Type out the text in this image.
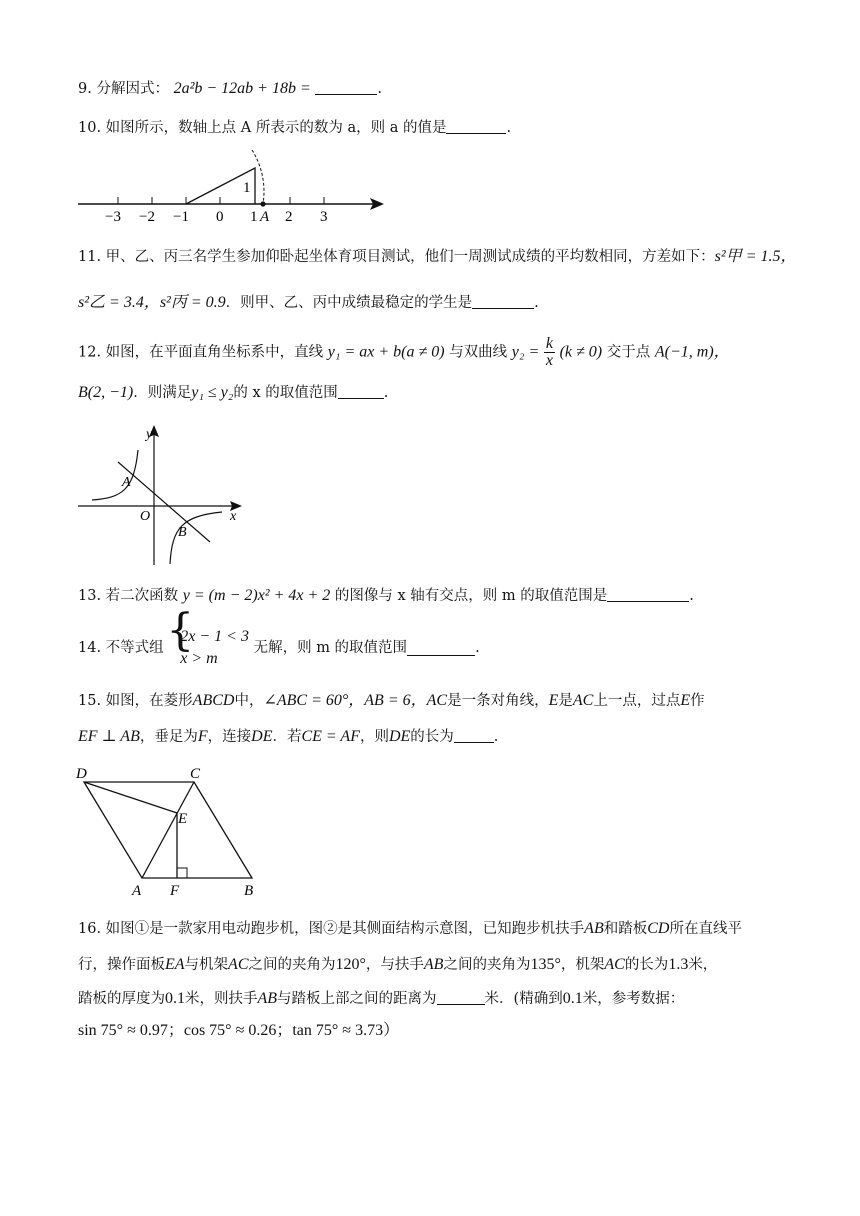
9. 分解因式： 2a²b − 12ab + 18b =	.
10. 如图所示，数轴上点 A 所表示的数为 a，则 a 的值是	.
1
−3 −2 −1 0 1 2 3
A
11. 甲、乙、丙三名学生参加仰卧起坐体育项目测试，他们一周测试成绩的平均数相同，方差如下：s²甲 = 1.5，
s²乙 = 3.4，s²丙 = 0.9．则甲、乙、丙中成绩最稳定的学生是	.
12. 如图，在平面直角坐标系中，直线 y₁ = ax + b(a ≠ 0) 与双曲线 $y_2 = \frac{k}{x} (k \ne 0)$ 交于点 A(−1, m)，
B(2, −1)．则满足y₁ ≤ y₂的 x 的取值范围	.
y
x
O
A
B
13. 若二次函数 y = (m − 2)x² + 4x + 2 的图像与 x 轴有交点，则 m 的取值范围是	.
14. 不等式组
{ 2x − 1 < 3
x > m
无解，则 m 的取值范围	.
15. 如图，在菱形ABCD中，∠ABC = 60°，AB = 6，AC是一条对角线，E是AC上一点，过点E作
EF ⊥ AB，垂足为F，连接DE．若CE = AF，则DE的长为	.
D	C
E
A F	B
16. 如图①是一款家用电动跑步机，图②是其侧面结构示意图，已知跑步机扶手AB和踏板CD所在直线平
行，操作面板EA与机架AC之间的夹角为120°，与扶手AB之间的夹角为135°，机架AC的长为1.3米，
踏板的厚度为0.1米，则扶手AB与踏板上部之间的距离为	米．(精确到0.1米，参考数据：
sin 75° ≈ 0.97；cos 75° ≈ 0.26；tan 75° ≈ 3.73）
